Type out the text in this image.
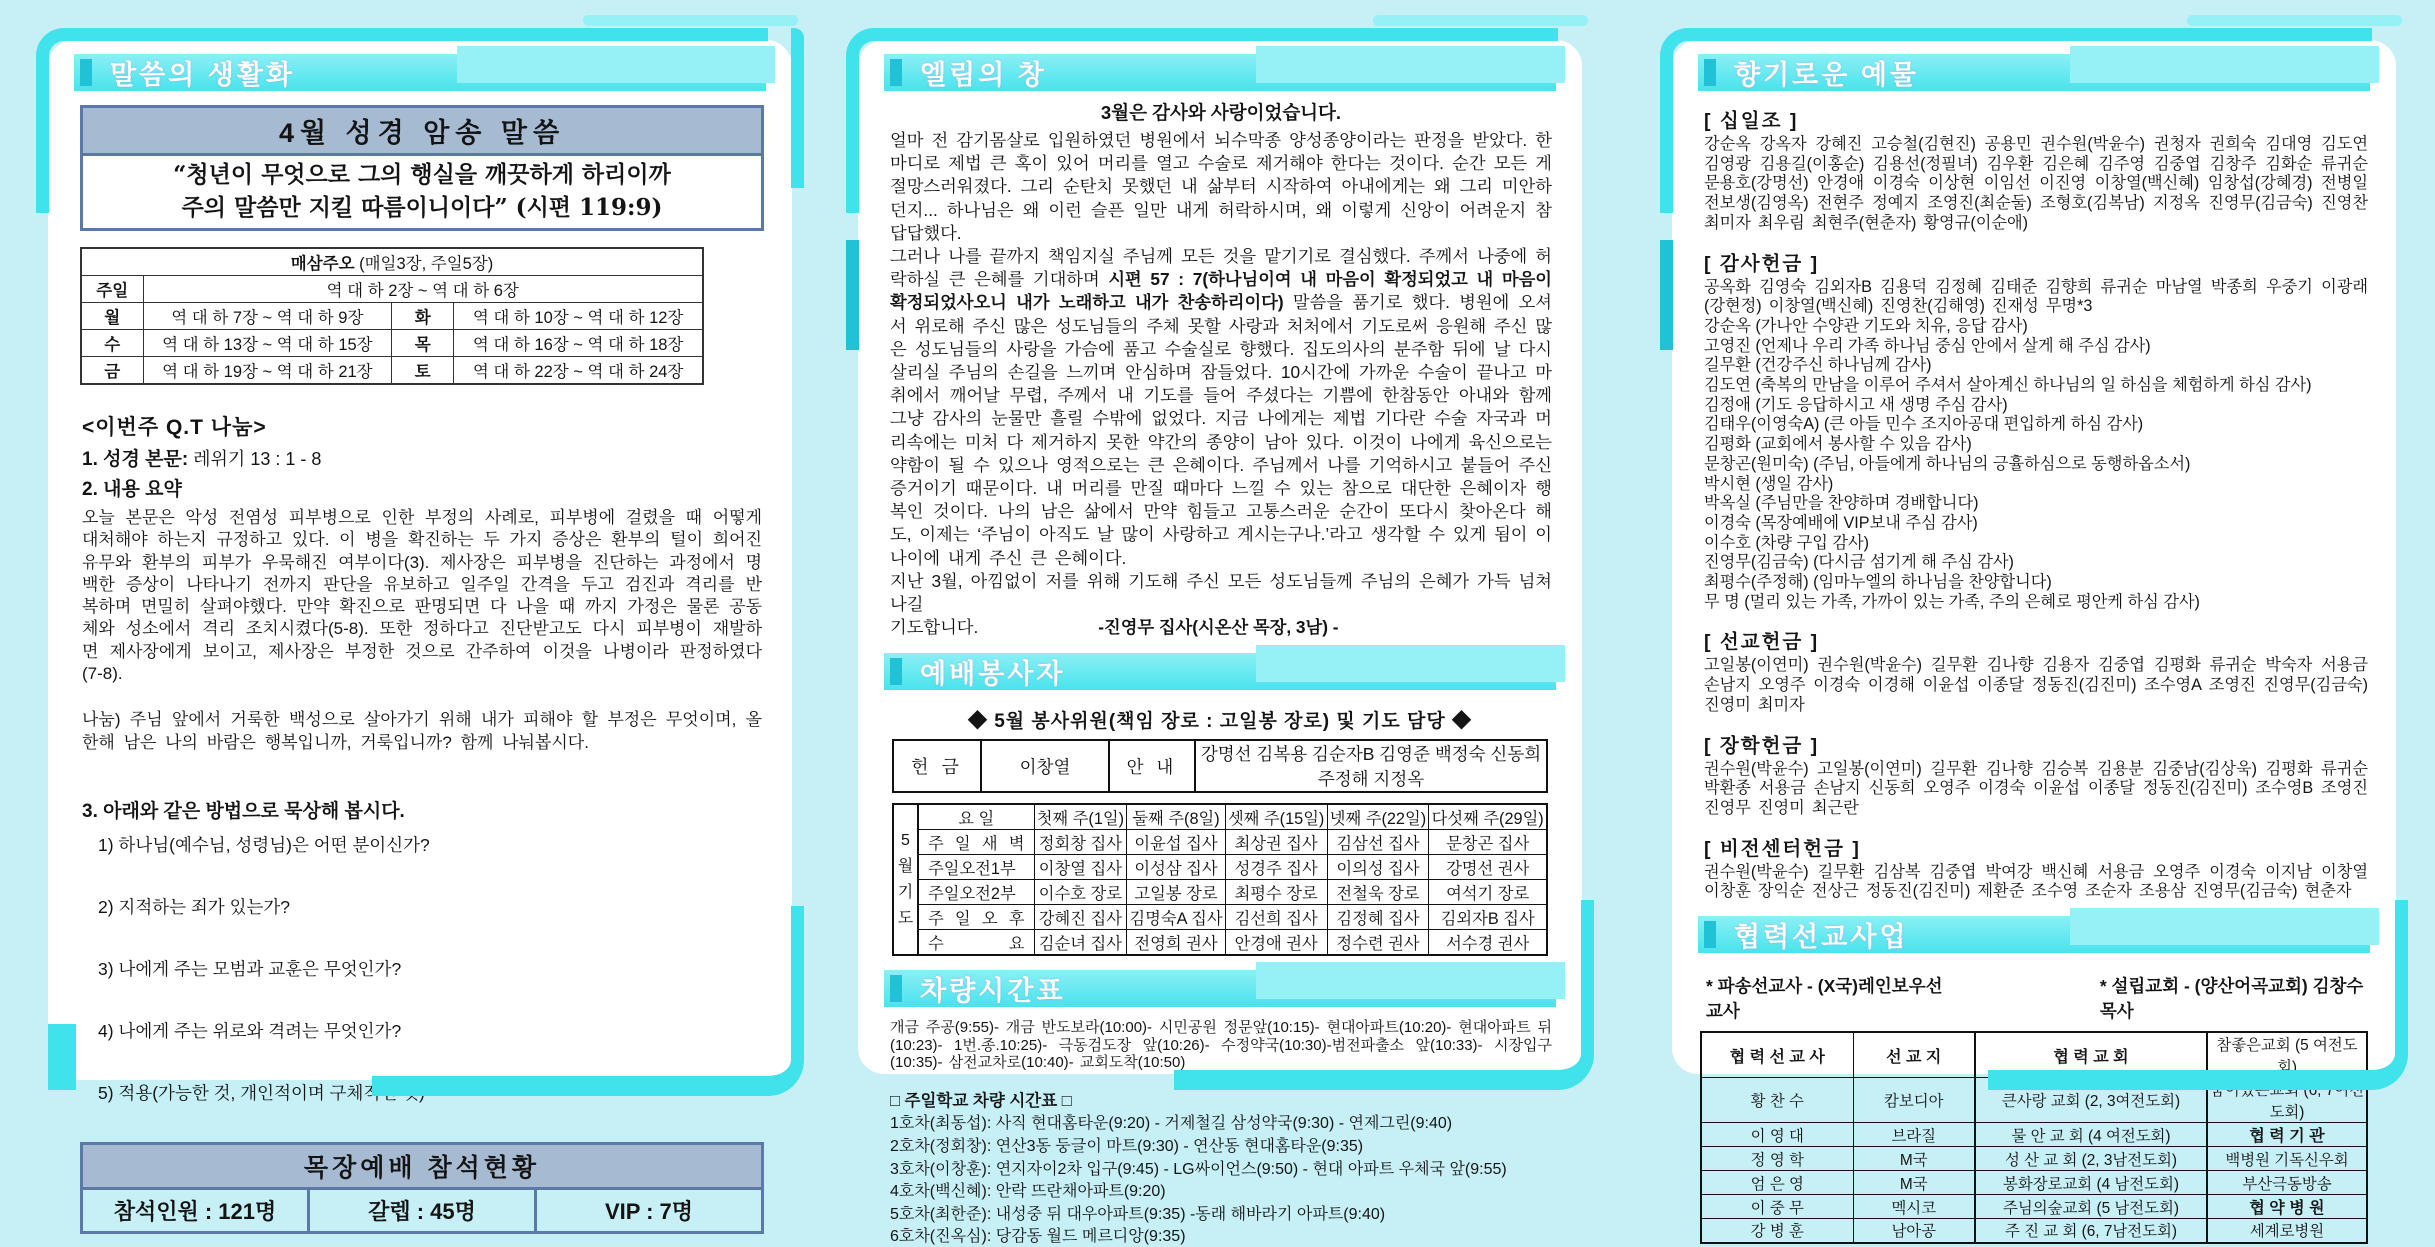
말씀의 생활화
4월 성경 암송 말씀
“청년이 무엇으로 그의 행실을 깨끗하게 하리이까
주의 말씀만 지킬 따름이니이다” (시편 119:9)
매삼주오 (매일3장, 주일5장)			
주일	역 대 하 2장 ~ 역 대 하 6장		
월	역 대 하 7장 ~ 역 대 하 9장	화	역 대 하 10장 ~ 역 대 하 12장
수	역 대 하 13장 ~ 역 대 하 15장	목	역 대 하 16장 ~ 역 대 하 18장
금	역 대 하 19장 ~ 역 대 하 21장	토	역 대 하 22장 ~ 역 대 하 24장
<이번주 Q.T 나눔>
1. 성경 본문: 레위기 13 : 1 - 8
2. 내용 요약

오늘 본문은 악성 전염성 피부병으로 인한 부정의 사례로, 피부병에 걸렸을 때 어떻게 대처해야 하는지 규정하고 있다. 이 병을 확진하는 두 가지 증상은 환부의 털이 희어진 유무와 환부의 피부가 우묵해진 여부이다(3). 제사장은 피부병을 진단하는 과정에서 명백한 증상이 나타나기 전까지 판단을 유보하고 일주일 간격을 두고 검진과 격리를 반복하며 면밀히 살펴야했다. 만약 확진으로 판명되면 다 나을 때 까지 가정은 물론 공동체와 성소에서 격리 조치시켰다(5-8). 또한 정하다고 진단받고도 다시 피부병이 재발하면 제사장에게 보이고, 제사장은 부정한 것으로 간주하여 이것을 나병이라 판정하였다(7-8).

나눔) 주님 앞에서 거룩한 백성으로 살아가기 위해 내가 피해야 할 부정은 무엇이며, 올 한해 남은 나의 바람은 행복입니까, 거룩입니까? 함께 나눠봅시다.

3. 아래와 같은 방법으로 묵상해 봅시다.
1) 하나님(예수님, 성령님)은 어떤 분이신가?
2) 지적하는 죄가 있는가?
3) 나에게 주는 모범과 교훈은 무엇인가?
4) 나에게 주는 위로와 격려는 무엇인가?
5) 적용(가능한 것, 개인적이며 구체적인 것)
목장예배 참석현황
참석인원 : 121명	갈렙 : 45명	VIP : 7명
엘림의 창
3월은 감사와 사랑이었습니다.

얼마 전 감기몸살로 입원하였던 병원에서 뇌수막종 양성종양이라는 판정을 받았다. 한마디로 제법 큰 혹이 있어 머리를 열고 수술로 제거해야 한다는 것이다. 순간 모든 게 절망스러워졌다. 그리 순탄치 못했던 내 삶부터 시작하여 아내에게는 왜 그리 미안하던지... 하나님은 왜 이런 슬픈 일만 내게 허락하시며, 왜 이렇게 신앙이 어려운지 참 답답했다.

그러나 나를 끝까지 책임지실 주님께 모든 것을 맡기기로 결심했다. 주께서 나중에 허락하실 큰 은혜를 기대하며 시편 57 : 7(하나님이여 내 마음이 확정되었고 내 마음이 확정되었사오니 내가 노래하고 내가 찬송하리이다) 말씀을 품기로 했다. 병원에 오셔서 위로해 주신 많은 성도님들의 주체 못할 사랑과 처처에서 기도로써 응원해 주신 많은 성도님들의 사랑을 가슴에 품고 수술실로 향했다. 집도의사의 분주함 뒤에 날 다시 살리실 주님의 손길을 느끼며 안심하며 잠들었다. 10시간에 가까운 수술이 끝나고 마취에서 깨어날 무렵, 주께서 내 기도를 들어 주셨다는 기쁨에 한참동안 아내와 함께 그냥 감사의 눈물만 흘릴 수밖에 없었다. 지금 나에게는 제법 기다란 수술 자국과 머리속에는 미처 다 제거하지 못한 약간의 종양이 남아 있다. 이것이 나에게 육신으로는 약함이 될 수 있으나 영적으로는 큰 은혜이다. 주님께서 나를 기억하시고 붙들어 주신 증거이기 때문이다. 내 머리를 만질 때마다 느낄 수 있는 참으로 대단한 은혜이자 행복인 것이다. 나의 남은 삶에서 만약 힘들고 고통스러운 순간이 또다시 찾아온다 해도, 이제는 ‘주님이 아직도 날 많이 사랑하고 계시는구나.’라고 생각할 수 있게 됨이 이 나이에 내게 주신 큰 은혜이다.

지난 3월, 아낌없이 저를 위해 기도해 주신 모든 성도님들께 주님의 은혜가 가득 넘쳐나길

기도합니다.	-진영무 집사(시온산 목장, 3남) -
예배봉사자
◆ 5월 봉사위원(책임 장로 : 고일봉 장로) 및 기도 담당 ◆
헌 금	이창열	안 내	강명선 김복용 김순자B 김영준 백정숙 신동희 주정해 지정옥
5
월
기
도	요 일	첫째 주(1일)	둘째 주(8일)	셋째 주(15일)	넷째 주(22일)	다섯째 주(29일)
	주 일 새 벽	정회창 집사	이윤섭 집사	최상권 집사	김삼선 집사	문창곤 집사
	주일오전1부	이창열 집사	이성삼 집사	성경주 집사	이의성 집사	강명선 권사
	주일오전2부	이수호 장로	고일봉 장로	최평수 장로	전철욱 장로	여석기 장로
	주 일 오 후	강혜진 집사	김명숙A 집사	김선희 집사	김정혜 집사	김외자B 집사
	수 요	김순녀 집사	전영희 권사	안경애 권사	정수련 권사	서수경 권사
차량시간표

개금 주공(9:55)- 개금 반도보라(10:00)- 시민공원 정문앞(10:15)- 현대아파트(10:20)- 현대아파트 뒤(10:23)- 1번.종.10:25)- 극동검도장 앞(10:26)- 수정약국(10:30)-범전파출소 앞(10:33)- 시장입구(10:35)- 삼전교차로(10:40)- 교회도착(10:50)

□ 주일학교 차량 시간표 □
1호차(최동섭): 사직 현대홈타운(9:20) - 거제철길 삼성약국(9:30) - 연제그린(9:40)
2호차(정회창): 연산3동 둥글이 마트(9:30) - 연산동 현대홈타운(9:35)
3호차(이창훈): 연지자이2차 입구(9:45) - LG싸이언스(9:50) - 현대 아파트 우체국 앞(9:55)
4호차(백신혜): 안락 뜨란채아파트(9:20)
5호차(최한준): 내성중 뒤 대우아파트(9:35) -동래 해바라기 아파트(9:40)
6호차(진옥심): 당감동 월드 메르디앙(9:35)
향기로운 예물
[ 십일조 ]

강순옥 강옥자 강혜진 고승철(김현진) 공용민 권수원(박윤수) 권청자 권희숙 김대영 김도연 김영광 김용길(이홍순) 김용선(정필녀) 김우환 김은혜 김주영 김중엽 김창주 김화순 류귀순 문용호(강명선) 안경애 이경숙 이상현 이임선 이진영 이창열(백신혜) 임창섭(강혜경) 전병일 전보생(김영옥) 전현주 정예지 조영진(최순둘) 조형호(김복남) 지정옥 진영무(김금숙) 진영찬 최미자 최우림 최현주(현춘자) 황영규(이순애)

[ 감사헌금 ]

공옥화 김영숙 김외자B 김용덕 김정혜 김태준 김향희 류귀순 마남열 박종희 우중기 이광래(강현정) 이창열(백신혜) 진영찬(김해영) 진재성 무명*3

강순옥 (가나안 수양관 기도와 치유, 응답 감사)
고영진 (언제나 우리 가족 하나님 중심 안에서 살게 해 주심 감사)
길무환 (건강주신 하나님께 감사)
김도연 (축복의 만남을 이루어 주셔서 살아계신 하나님의 일 하심을 체험하게 하심 감사)
김정애 (기도 응답하시고 새 생명 주심 감사)
김태우(이영숙A) (큰 아들 민수 조지아공대 편입하게 하심 감사)
김평화 (교회에서 봉사할 수 있음 감사)
문창곤(원미숙) (주님, 아들에게 하나님의 긍휼하심으로 동행하옵소서)
박시현 (생일 감사)
박옥실 (주님만을 찬양하며 경배합니다)
이경숙 (목장예배에 VIP보내 주심 감사)
이수호 (차량 구입 감사)
진영무(김금숙) (다시금 섬기게 해 주심 감사)
최평수(주정해) (임마누엘의 하나님을 찬양합니다)
무 명 (멀리 있는 가족, 가까이 있는 가족, 주의 은혜로 평안케 하심 감사)
[ 선교헌금 ]

고일봉(이연미) 권수원(박윤수) 길무환 김나향 김용자 김중엽 김평화 류귀순 박숙자 서용금 손남지 오영주 이경숙 이경해 이윤섭 이종달 정동진(김진미) 조수영A 조영진 진영무(김금숙) 진영미 최미자

[ 장학헌금 ]

권수원(박윤수) 고일봉(이연미) 길무환 김나향 김승복 김용분 김중남(김상욱) 김평화 류귀순 박환종 서용금 손남지 신동희 오영주 이경숙 이윤섭 이종달 정동진(김진미) 조수영B 조영진 진영무 진영미 최근란

[ 비전센터헌금 ]

권수원(박윤수) 길무환 김삼복 김중엽 박여강 백신혜 서용금 오영주 이경숙 이지남 이창열 이창훈 장익순 전상근 정동진(김진미) 제환준 조수영 조순자 조용삼 진영무(김금숙) 현춘자

협력선교사업
* 파송선교사 - (X국)레인보우선교사
* 설립교회 - (양산어곡교회) 김창수목사
협 력 선 교 사	선 교 지	협 력 교 회	참좋은교회 (5 여전도회)
황 찬 수	캄보디아	큰사랑 교회 (2, 3여전도회)	꿈이있는교회 (6, 7여전도회)
이 영 대	브라질	물 안 교 회 (4 여전도회)	협 력 기 관
정 영 학	M국	성 산 교 회 (2, 3남전도회)	백병원 기독신우회
엄 은 영	M국	봉화장로교회 (4 남전도회)	부산극동방송
이 중 무	멕시코	주님의숲교회 (5 남전도회)	협 약 병 원
강 병 훈	남아공	주 진 교 회 (6, 7남전도회)	세계로병원
